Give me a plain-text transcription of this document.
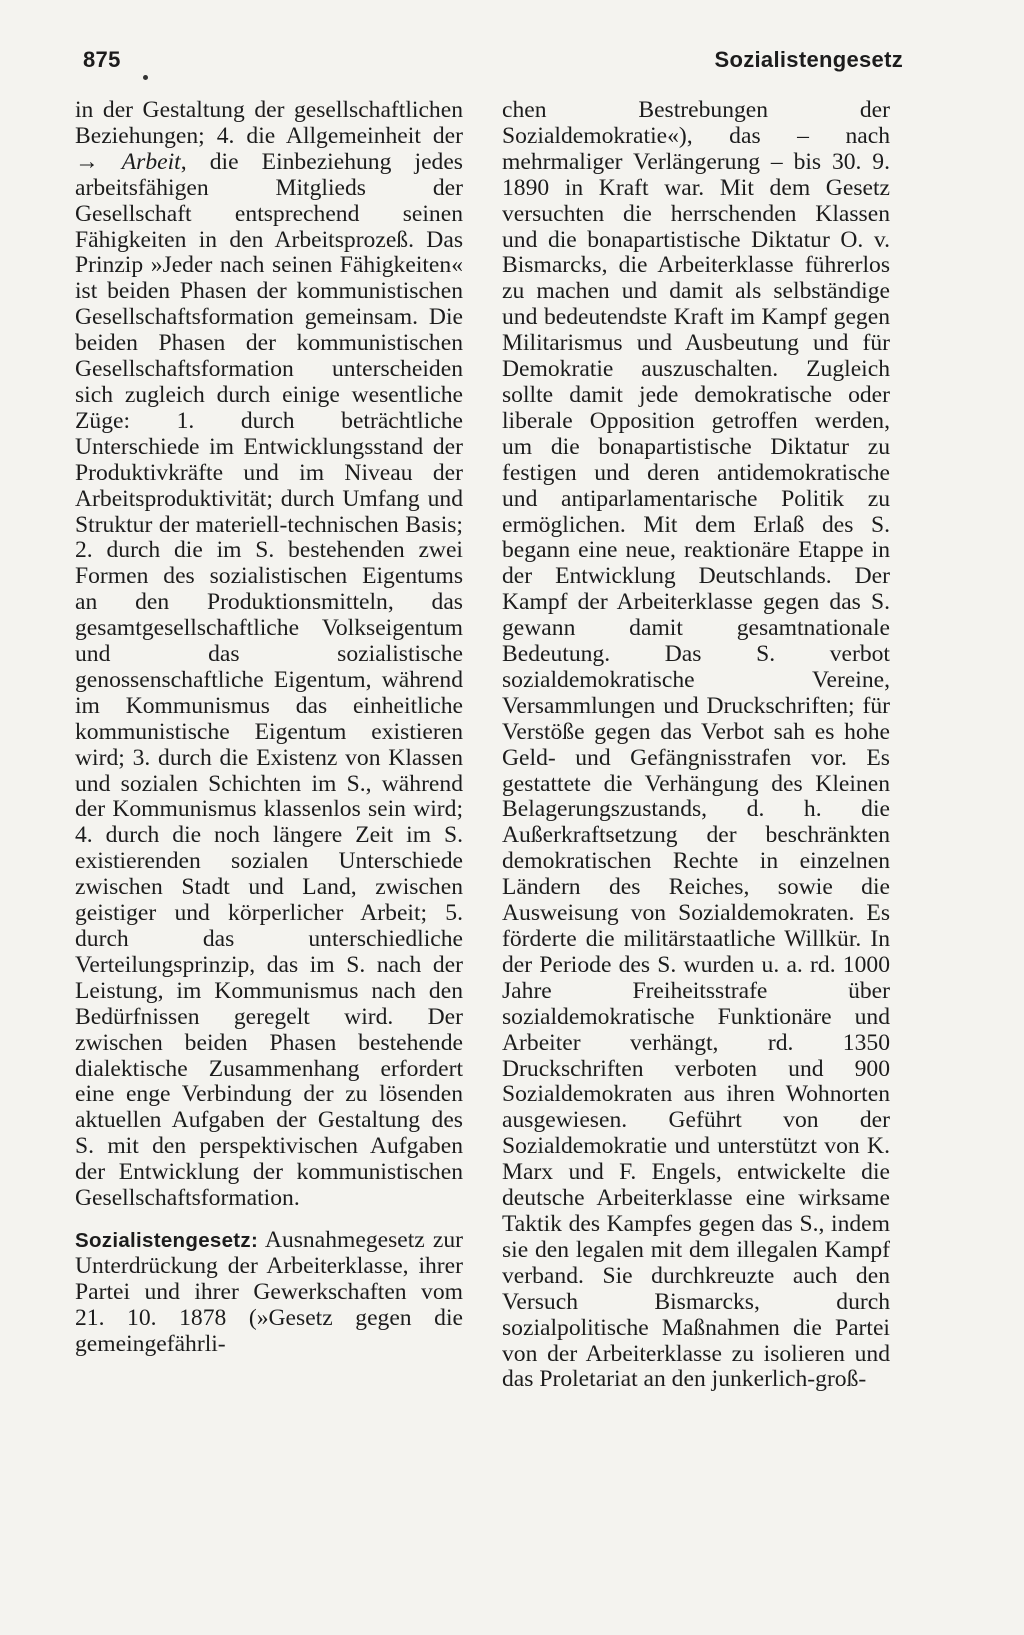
875	Sozialistengesetz

in der Gestaltung der gesellschaftlichen Beziehungen; 4. die Allgemeinheit der → Arbeit, die Einbeziehung jedes arbeitsfähigen Mitglieds der Gesellschaft entsprechend seinen Fähigkeiten in den Arbeitsprozeß. Das Prinzip »Jeder nach seinen Fähigkeiten« ist beiden Phasen der kommunistischen Gesellschaftsformation gemeinsam. Die beiden Phasen der kommunistischen Gesellschaftsformation unterscheiden sich zugleich durch einige wesentliche Züge: 1. durch beträchtliche Unterschiede im Entwicklungsstand der Produktivkräfte und im Niveau der Arbeitsproduktivität; durch Umfang und Struktur der materiell-technischen Basis; 2. durch die im S. bestehenden zwei Formen des sozialistischen Eigentums an den Produktionsmitteln, das gesamtgesellschaftliche Volkseigentum und das sozialistische genossenschaftliche Eigentum, während im Kommunismus das einheitliche kommunistische Eigentum existieren wird; 3. durch die Existenz von Klassen und sozialen Schichten im S., während der Kommunismus klassenlos sein wird; 4. durch die noch längere Zeit im S. existierenden sozialen Unterschiede zwischen Stadt und Land, zwischen geistiger und körperlicher Arbeit; 5. durch das unterschiedliche Verteilungsprinzip, das im S. nach der Leistung, im Kommunismus nach den Bedürfnissen geregelt wird. Der zwischen beiden Phasen bestehende dialektische Zusammenhang erfordert eine enge Verbindung der zu lösenden aktuellen Aufgaben der Gestaltung des S. mit den perspektivischen Aufgaben der Entwicklung der kommunistischen Gesellschaftsformation.

Sozialistengesetz: Ausnahmegesetz zur Unterdrückung der Arbeiterklasse, ihrer Partei und ihrer Gewerkschaften vom 21. 10. 1878 (»Gesetz gegen die gemeingefährli-

chen Bestrebungen der Sozialdemokratie«), das – nach mehrmaliger Verlängerung – bis 30. 9. 1890 in Kraft war. Mit dem Gesetz versuchten die herrschenden Klassen und die bonapartistische Diktatur O. v. Bismarcks, die Arbeiterklasse führerlos zu machen und damit als selbständige und bedeutendste Kraft im Kampf gegen Militarismus und Ausbeutung und für Demokratie auszuschalten. Zugleich sollte damit jede demokratische oder liberale Opposition getroffen werden, um die bonapartistische Diktatur zu festigen und deren antidemokratische und antiparlamentarische Politik zu ermöglichen. Mit dem Erlaß des S. begann eine neue, reaktionäre Etappe in der Entwicklung Deutschlands. Der Kampf der Arbeiterklasse gegen das S. gewann damit gesamtnationale Bedeutung. Das S. verbot sozialdemokratische Vereine, Versammlungen und Druckschriften; für Verstöße gegen das Verbot sah es hohe Geld- und Gefängnisstrafen vor. Es gestattete die Verhängung des Kleinen Belagerungszustands, d. h. die Außerkraftsetzung der beschränkten demokratischen Rechte in einzelnen Ländern des Reiches, sowie die Ausweisung von Sozialdemokraten. Es förderte die militärstaatliche Willkür. In der Periode des S. wurden u. a. rd. 1000 Jahre Freiheitsstrafe über sozialdemokratische Funktionäre und Arbeiter verhängt, rd. 1350 Druckschriften verboten und 900 Sozialdemokraten aus ihren Wohnorten ausgewiesen. Geführt von der Sozialdemokratie und unterstützt von K. Marx und F. Engels, entwickelte die deutsche Arbeiterklasse eine wirksame Taktik des Kampfes gegen das S., indem sie den legalen mit dem illegalen Kampf verband. Sie durchkreuzte auch den Versuch Bismarcks, durch sozialpolitische Maßnahmen die Partei von der Arbeiterklasse zu isolieren und das Proletariat an den junkerlich-groß-
